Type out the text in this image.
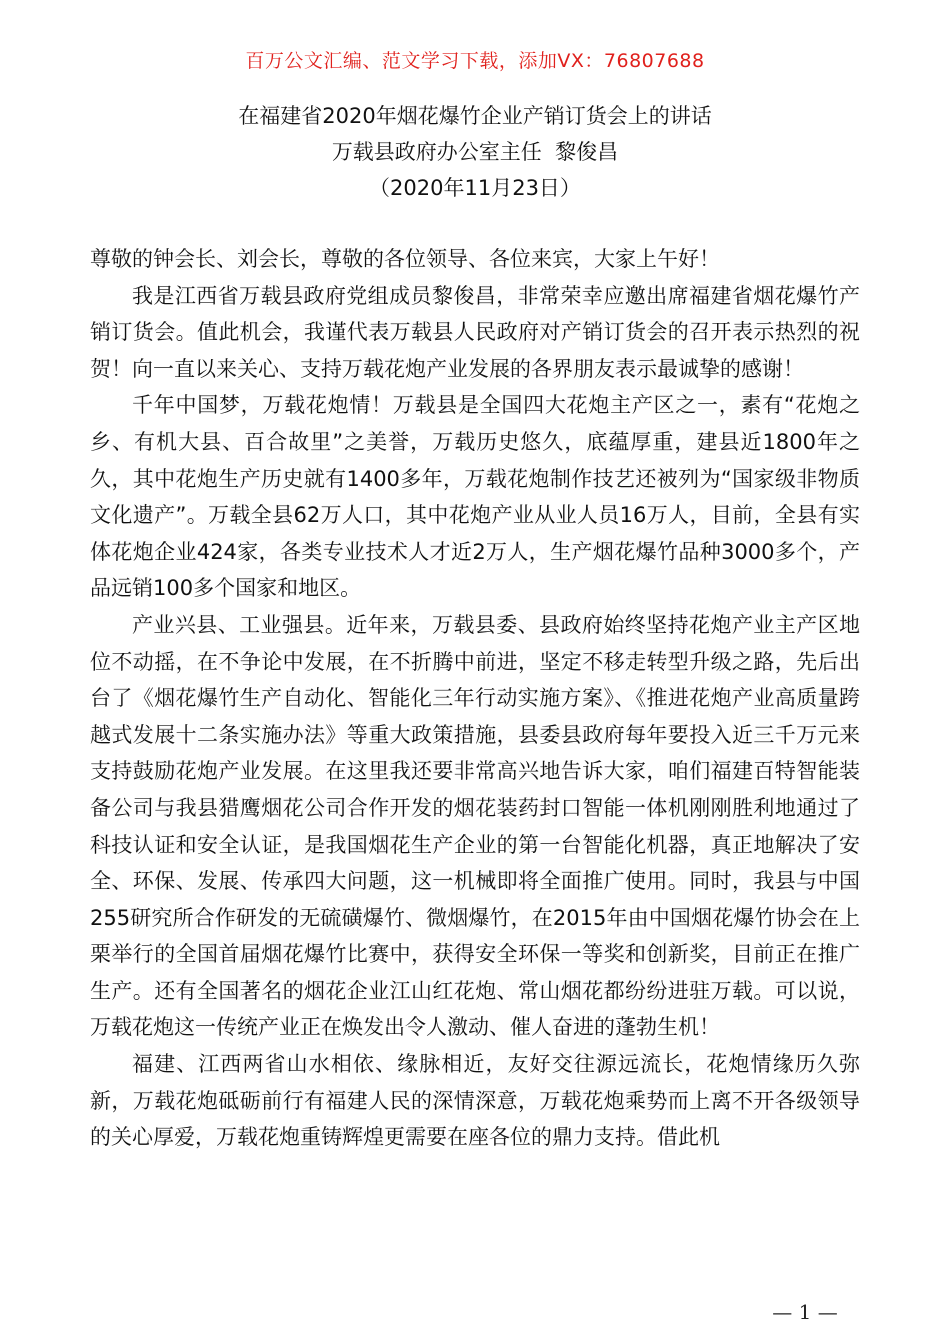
百万公文汇编、范文学习下载，添加VX：76807688
在福建省2020年烟花爆竹企业产销订货会上的讲话
万载县政府办公室主任  黎俊昌
（2020年11月23日）

尊敬的钟会长、刘会长，尊敬的各位领导、各位来宾，大家上午好！

我是江西省万载县政府党组成员黎俊昌，非常荣幸应邀出席福建省烟花爆竹产销订货会。值此机会，我谨代表万载县人民政府对产销订货会的召开表示热烈的祝贺！向一直以来关心、支持万载花炮产业发展的各界朋友表示最诚挚的感谢！

千年中国梦，万载花炮情！万载县是全国四大花炮主产区之一，素有“花炮之乡、有机大县、百合故里”之美誉，万载历史悠久，底蕴厚重，建县近1800年之久，其中花炮生产历史就有1400多年，万载花炮制作技艺还被列为“国家级非物质文化遗产”。万载全县62万人口，其中花炮产业从业人员16万人，目前，全县有实体花炮企业424家，各类专业技术人才近2万人，生产烟花爆竹品种3000多个，产品远销100多个国家和地区。

产业兴县、工业强县。近年来，万载县委、县政府始终坚持花炮产业主产区地位不动摇，在不争论中发展，在不折腾中前进，坚定不移走转型升级之路，先后出台了《烟花爆竹生产自动化、智能化三年行动实施方案》、《推进花炮产业高质量跨越式发展十二条实施办法》等重大政策措施，县委县政府每年要投入近三千万元来支持鼓励花炮产业发展。在这里我还要非常高兴地告诉大家，咱们福建百特智能装备公司与我县猎鹰烟花公司合作开发的烟花装药封口智能一体机刚刚胜利地通过了科技认证和安全认证，是我国烟花生产企业的第一台智能化机器，真正地解决了安全、环保、发展、传承四大问题，这一机械即将全面推广使用。同时，我县与中国255研究所合作研发的无硫磺爆竹、微烟爆竹，在2015年由中国烟花爆竹协会在上栗举行的全国首届烟花爆竹比赛中，获得安全环保一等奖和创新奖，目前正在推广生产。还有全国著名的烟花企业江山红花炮、常山烟花都纷纷进驻万载。可以说，万载花炮这一传统产业正在焕发出令人激动、催人奋进的蓬勃生机！

福建、江西两省山水相依、缘脉相近，友好交往源远流长，花炮情缘历久弥新，万载花炮砥砺前行有福建人民的深情深意，万载花炮乘势而上离不开各级领导的关心厚爱，万载花炮重铸辉煌更需要在座各位的鼎力支持。借此机

— 1 —
